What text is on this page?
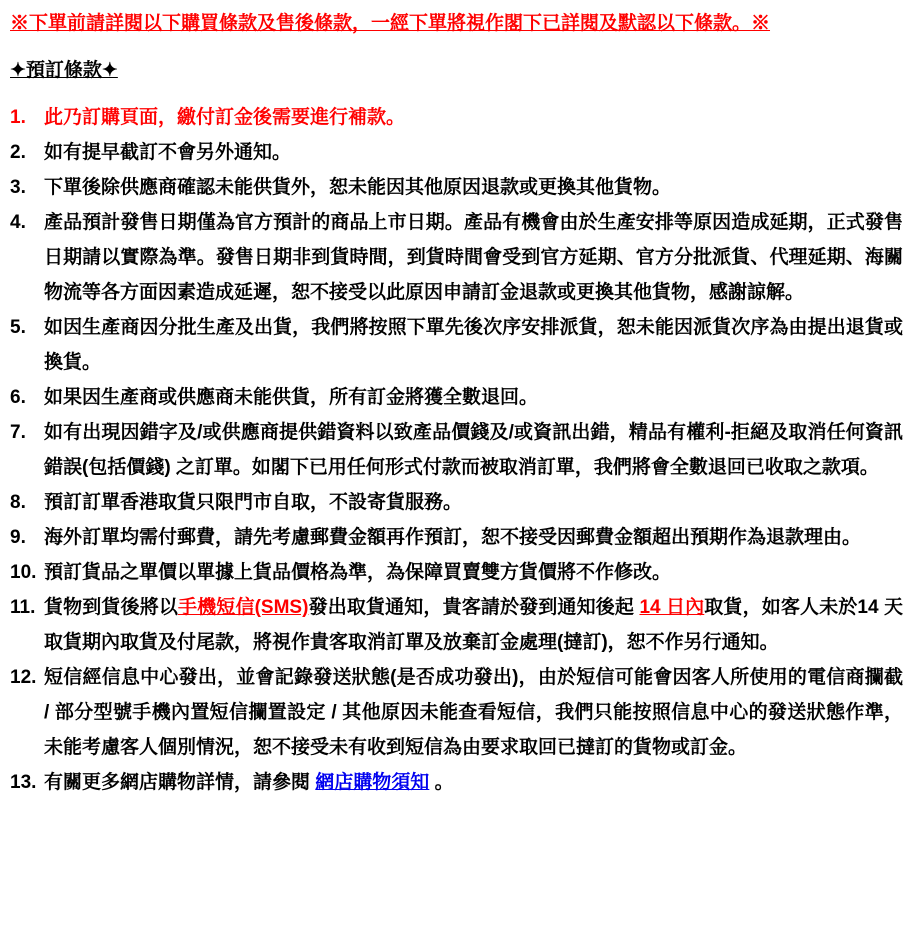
※下單前請詳閱以下購買條款及售後條款，一經下單將視作閣下已詳閱及默認以下條款。※
✦預訂條款✦
1. 此乃訂購頁面，繳付訂金後需要進行補款。
2. 如有提早截訂不會另外通知。
3. 下單後除供應商確認未能供貨外，恕未能因其他原因退款或更換其他貨物。
4. 產品預計發售日期僅為官方預計的商品上市日期。產品有機會由於生產安排等原因造成延期，正式發售日期請以實際為準。發售日期非到貨時間，到貨時間會受到官方延期、官方分批派貨、代理延期、海關物流等各方面因素造成延遲，恕不接受以此原因申請訂金退款或更換其他貨物，感謝諒解。
5. 如因生產商因分批生產及出貨，我們將按照下單先後次序安排派貨，恕未能因派貨次序為由提出退貨或換貨。
6. 如果因生產商或供應商未能供貨，所有訂金將獲全數退回。
7. 如有出現因錯字及/或供應商提供錯資料以致產品價錢及/或資訊出錯，精品有權利-拒絕及取消任何資訊錯誤(包括價錢) 之訂單。如閣下已用任何形式付款而被取消訂單，我們將會全數退回已收取之款項。
8. 預訂訂單香港取貨只限門市自取，不設寄貨服務。
9. 海外訂單均需付郵費，請先考慮郵費金額再作預訂，恕不接受因郵費金額超出預期作為退款理由。
10. 預訂貨品之單價以單據上貨品價格為準，為保障買賣雙方貨價將不作修改。
11. 貨物到貨後將以手機短信(SMS)發出取貨通知，貴客請於發到通知後起 14 日內取貨，如客人未於14 天取貨期內取貨及付尾款，將視作貴客取消訂單及放棄訂金處理(撻訂)，恕不作另行通知。
12. 短信經信息中心發出，並會記錄發送狀態(是否成功發出)，由於短信可能會因客人所使用的電信商攔截 / 部分型號手機內置短信攔置設定 / 其他原因未能查看短信，我們只能按照信息中心的發送狀態作準，未能考慮客人個別情況，恕不接受未有收到短信為由要求取回已撻訂的貨物或訂金。
13. 有關更多網店購物詳情，請參閱 網店購物須知 。
